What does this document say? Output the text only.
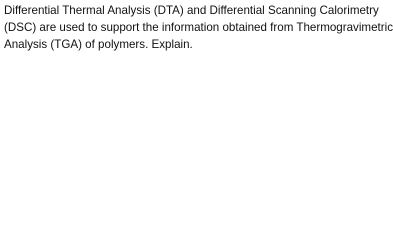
Differential Thermal Analysis (DTA) and Differential Scanning Calorimetry
(DSC) are used to support the information obtained from Thermogravimetric
Analysis (TGA) of polymers. Explain.
